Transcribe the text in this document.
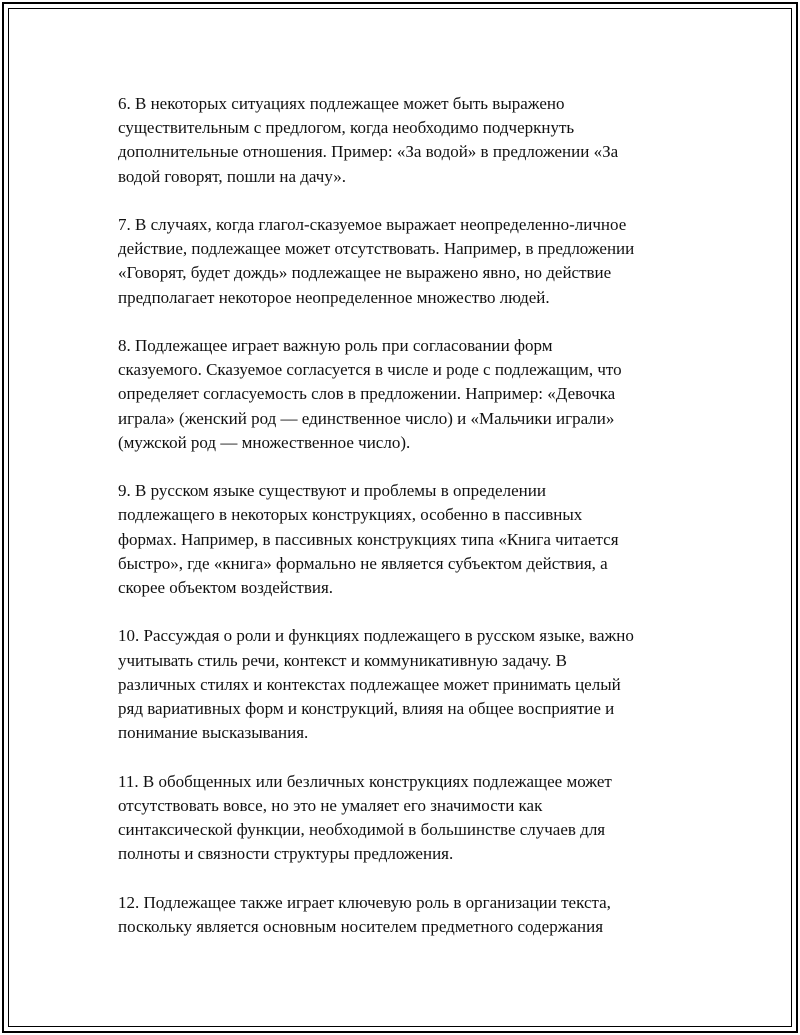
6. В некоторых ситуациях подлежащее может быть выражено
существительным с предлогом, когда необходимо подчеркнуть
дополнительные отношения. Пример: «За водой» в предложении «За
водой говорят, пошли на дачу».

7. В случаях, когда глагол-сказуемое выражает неопределенно-личное
действие, подлежащее может отсутствовать. Например, в предложении
«Говорят, будет дождь» подлежащее не выражено явно, но действие
предполагает некоторое неопределенное множество людей.

8. Подлежащее играет важную роль при согласовании форм
сказуемого. Сказуемое согласуется в числе и роде с подлежащим, что
определяет согласуемость слов в предложении. Например: «Девочка
играла» (женский род — единственное число) и «Мальчики играли»
(мужской род — множественное число).

9. В русском языке существуют и проблемы в определении
подлежащего в некоторых конструкциях, особенно в пассивных
формах. Например, в пассивных конструкциях типа «Книга читается
быстро», где «книга» формально не является субъектом действия, а
скорее объектом воздействия.

10. Рассуждая о роли и функциях подлежащего в русском языке, важно
учитывать стиль речи, контекст и коммуникативную задачу. В
различных стилях и контекстах подлежащее может принимать целый
ряд вариативных форм и конструкций, влияя на общее восприятие и
понимание высказывания.

11. В обобщенных или безличных конструкциях подлежащее может
отсутствовать вовсе, но это не умаляет его значимости как
синтаксической функции, необходимой в большинстве случаев для
полноты и связности структуры предложения.

12. Подлежащее также играет ключевую роль в организации текста,
поскольку является основным носителем предметного содержания
